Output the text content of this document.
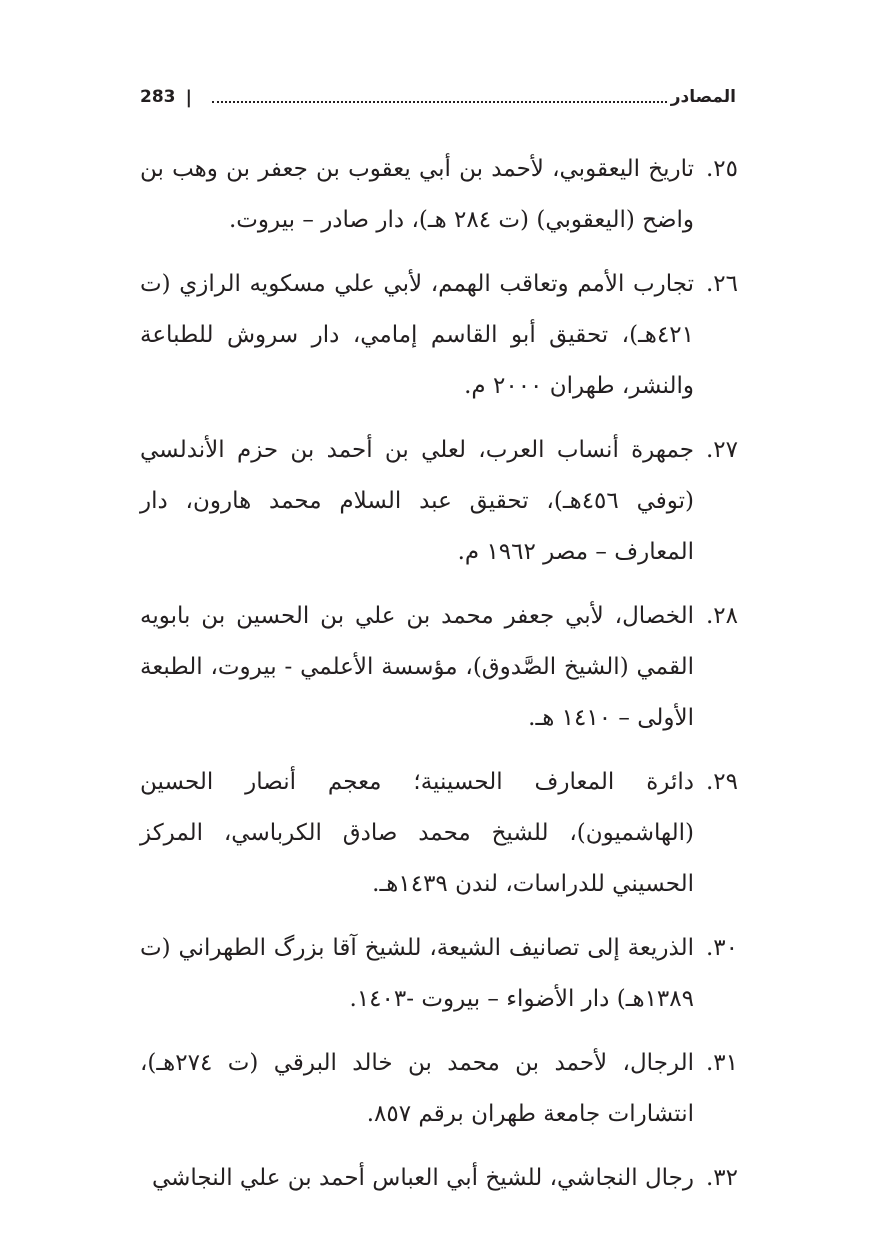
المصادر
|
283
٢٥.
تاريخ اليعقوبي، لأحمد بن أبي يعقوب بن جعفر بن وهب بن واضح (اليعقوبي) (ت ٢٨٤ هـ)، دار صادر – بيروت.
٢٦.
تجارب الأمم وتعاقب الهمم، لأبي علي مسكويه الرازي (ت ٤٢١هـ)، تحقيق أبو القاسم إمامي، دار سروش للطباعة والنشر، طهران ٢٠٠٠ م.
٢٧.
جمهرة أنساب العرب، لعلي بن أحمد بن حزم الأندلسي (توفي ٤٥٦هـ)، تحقيق عبد السلام محمد هارون، دار المعارف – مصر ١٩٦٢ م.
٢٨.
الخصال، لأبي جعفر محمد بن علي بن الحسين بن بابويه القمي (الشيخ الصَّدوق)، مؤسسة الأعلمي - بيروت، الطبعة الأولى – ١٤١٠ هـ.
٢٩.
دائرة المعارف الحسينية؛ معجم أنصار الحسين (الهاشميون)، للشيخ محمد صادق الكرباسي، المركز الحسيني للدراسات، لندن ١٤٣٩هـ.
٣٠.
الذريعة إلى تصانيف الشيعة، للشيخ آقا بزرگ الطهراني (ت ١٣٨٩هـ) دار الأضواء – بيروت -١٤٠٣.
٣١.
الرجال، لأحمد بن محمد بن خالد البرقي (ت ٢٧٤هـ)، انتشارات جامعة طهران برقم ٨٥٧.
٣٢.
رجال النجاشي، للشيخ أبي العباس أحمد بن علي النجاشي
